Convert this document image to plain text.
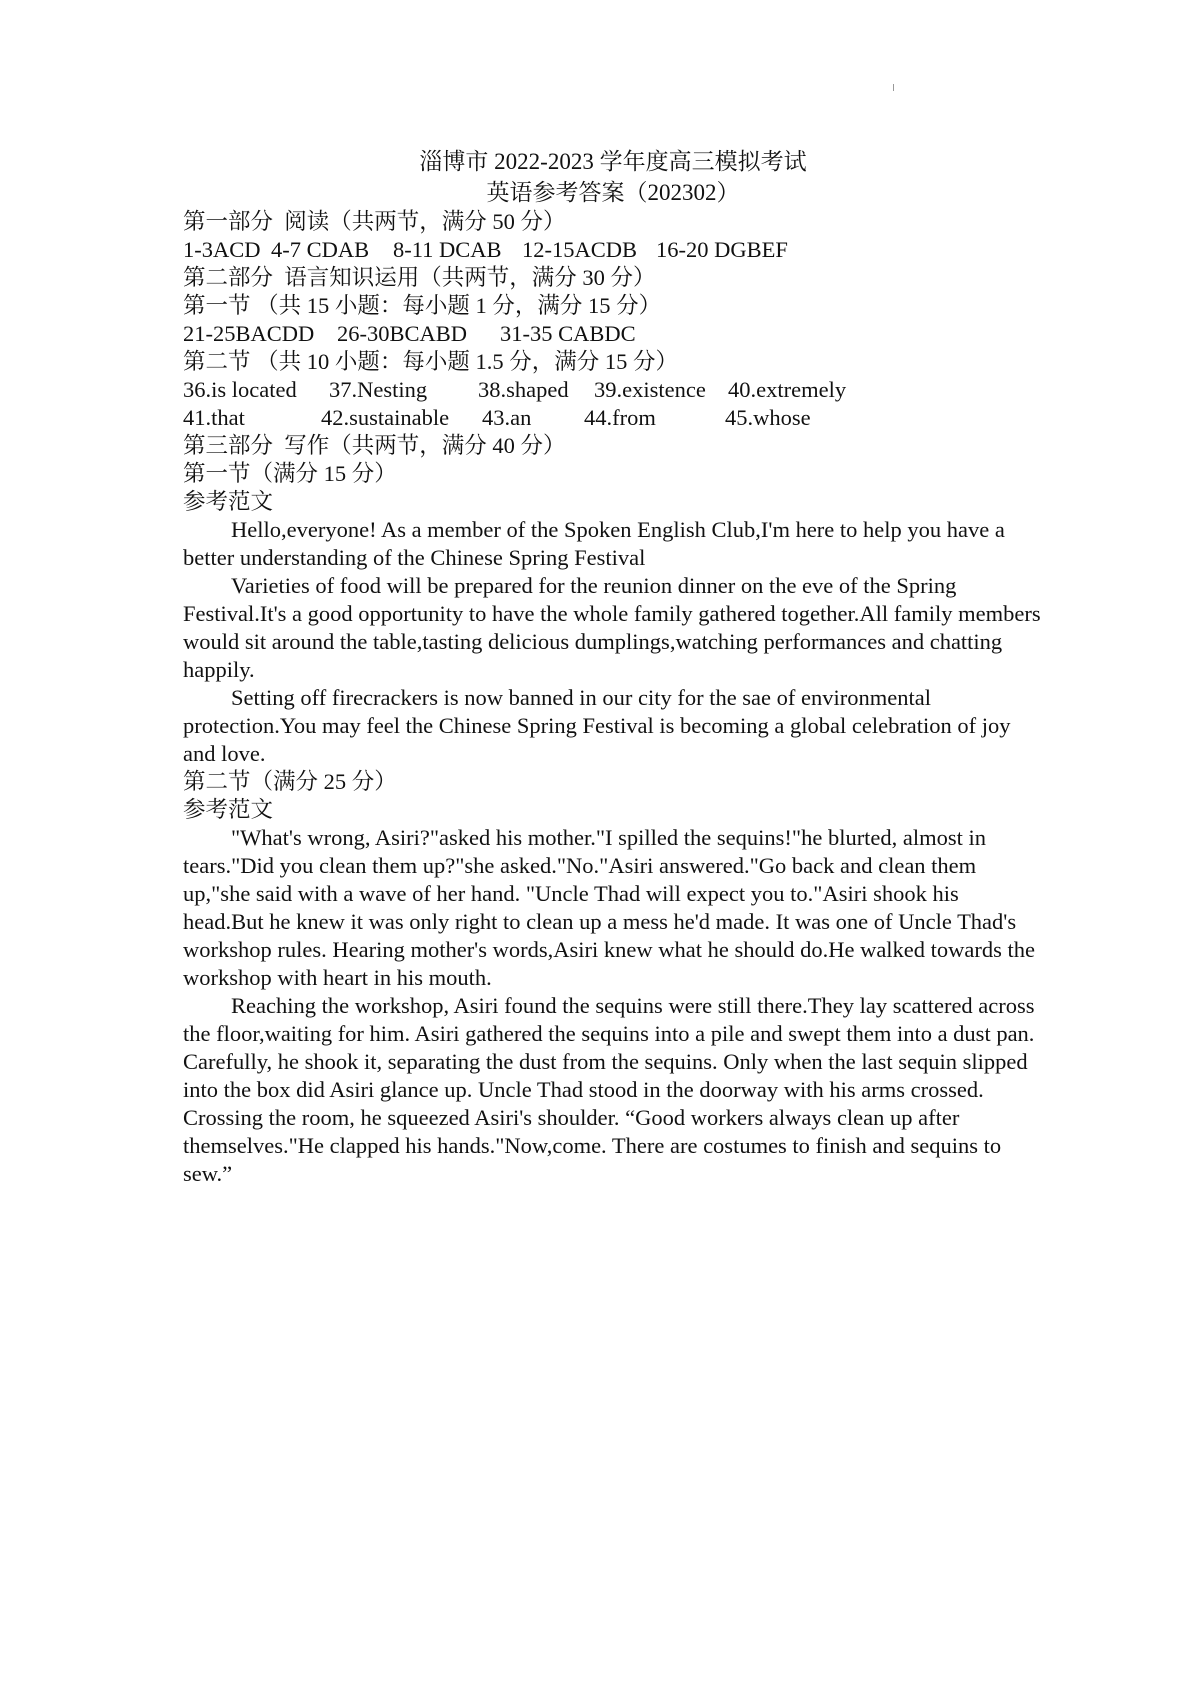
淄博市 2022-2023 学年度高三模拟考试
英语参考答案（202302）
第一部分  阅读（共两节，满分 50 分）
1-3ACD 4-7 CDAB	8-11 DCAB 12-15ACDB 16-20 DGBEF
第二部分  语言知识运用（共两节，满分 30 分）
第一节 （共 15 小题：每小题 1 分，满分 15 分）
21-25BACDD	26-30BCABD	31-35 CABDC
第二节 （共 10 小题：每小题 1.5 分，满分 15 分）
36.is located	37.Nesting	38.shaped	39.existence 40.extremely
41.that	42.sustainable	43.an	44.from	45.whose
第三部分  写作（共两节，满分 40 分）
第一节（满分 15 分）
参考范文
Hello,everyone! As a member of the Spoken English Club,I'm here to help you have a better understanding of the Chinese Spring Festival
Varieties of food will be prepared for the reunion dinner on the eve of the Spring Festival.It's a good opportunity to have the whole family gathered together.All family members would sit around the table,tasting delicious dumplings,watching performances and chatting happily.
Setting off firecrackers is now banned in our city for the sae of environmental protection.You may feel the Chinese Spring Festival is becoming a global celebration of joy and love.
第二节（满分 25 分）
参考范文
"What's wrong, Asiri?"asked his mother."I spilled the sequins!"he blurted, almost in tears."Did you clean them up?"she asked."No."Asiri answered."Go back and clean them up,"she said with a wave of her hand. "Uncle Thad will expect you to."Asiri shook his head.But he knew it was only right to clean up a mess he'd made. It was one of Uncle Thad's workshop rules. Hearing mother's words,Asiri knew what he should do.He walked towards the workshop with heart in his mouth.
Reaching the workshop, Asiri found the sequins were still there.They lay scattered across the floor,waiting for him. Asiri gathered the sequins into a pile and swept them into a dust pan. Carefully, he shook it, separating the dust from the sequins. Only when the last sequin slipped into the box did Asiri glance up. Uncle Thad stood in the doorway with his arms crossed. Crossing the room, he squeezed Asiri's shoulder. “Good workers always clean up after themselves."He clapped his hands."Now,come. There are costumes to finish and sequins to sew.”
